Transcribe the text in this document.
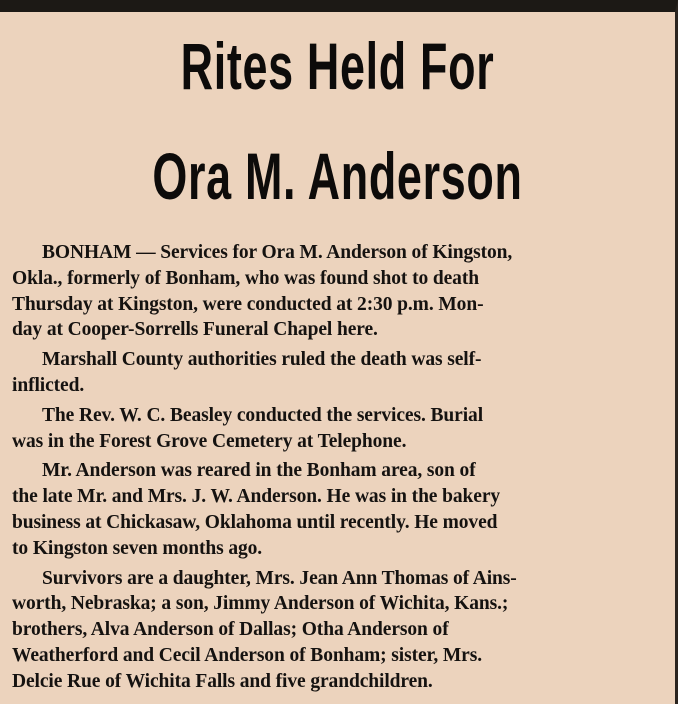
Rites Held For
Ora M. Anderson

BONHAM — Services for Ora M. Anderson of Kingston,
Okla., formerly of Bonham, who was found shot to death
Thursday at Kingston, were conducted at 2:30 p.m. Mon-
day at Cooper-Sorrells Funeral Chapel here.

Marshall County authorities ruled the death was self-
inflicted.

The Rev. W. C. Beasley conducted the services. Burial
was in the Forest Grove Cemetery at Telephone.

Mr. Anderson was reared in the Bonham area, son of
the late Mr. and Mrs. J. W. Anderson. He was in the bakery
business at Chickasaw, Oklahoma until recently. He moved
to Kingston seven months ago.

Survivors are a daughter, Mrs. Jean Ann Thomas of Ains-
worth, Nebraska; a son, Jimmy Anderson of Wichita, Kans.;
brothers, Alva Anderson of Dallas; Otha Anderson of
Weatherford and Cecil Anderson of Bonham; sister, Mrs.
Delcie Rue of Wichita Falls and five grandchildren.
